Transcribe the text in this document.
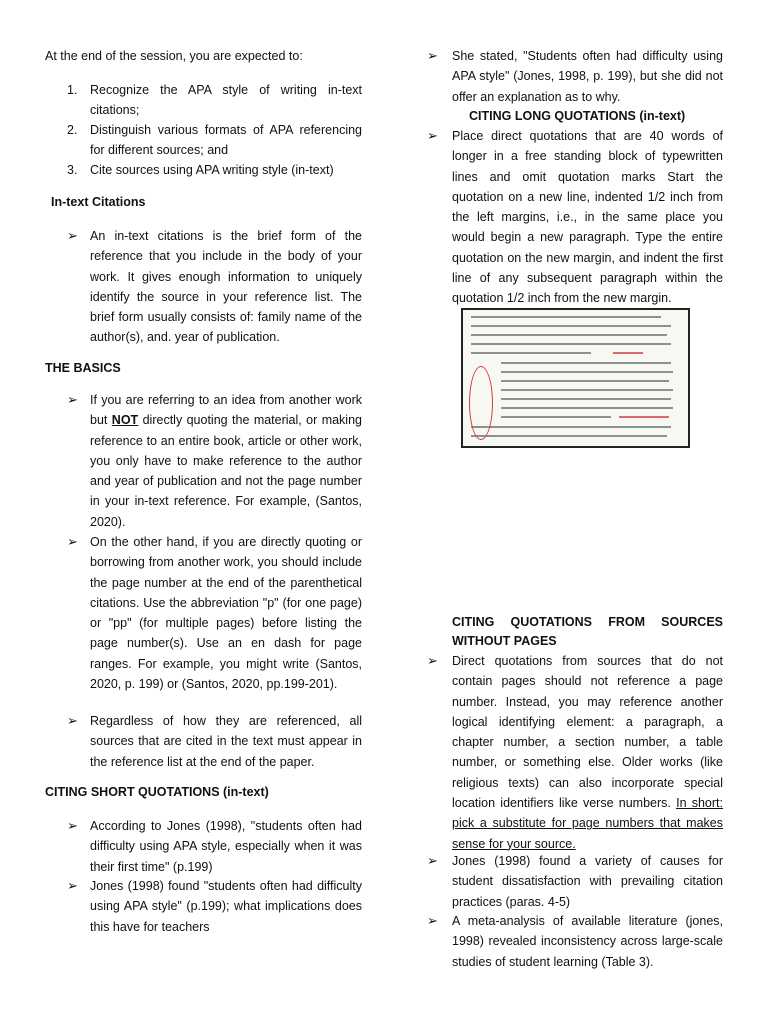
At the end of the session, you are expected to:
1.	Recognize the APA style of writing in-text
citations;
2.	Distinguish various formats of APA referencing
for different sources; and
3.	Cite sources using APA writing style (in-text)
In-text Citations
➢ An in-text citations is the brief form of the reference that you include in the body of your work. It gives enough information to uniquely identify the source in your reference list. The brief form usually consists of: family name of the author(s), and. year of publication.
THE BASICS
➢ If you are referring to an idea from another work but NOT directly quoting the material, or making reference to an entire book, article or other work, you only have to make reference to the author and year of publication and not the page number in your in-text reference. For example, (Santos, 2020).
➢ On the other hand, if you are directly quoting or borrowing from another work, you should include the page number at the end of the parenthetical citations. Use the abbreviation "p" (for one page) or "pp" (for multiple pages) before listing the page number(s). Use an en dash for page ranges. For example, you might write (Santos, 2020, p. 199) or (Santos, 2020, pp.199-201).
➢ Regardless of how they are referenced, all sources that are cited in the text must appear in the reference list at the end of the paper.
CITING SHORT QUOTATIONS (in-text)
➢ According to Jones (1998), "students often had difficulty using APA style, especially when it was their first time" (p.199)
➢ Jones (1998) found "students often had difficulty using APA style" (p.199); what implications does this have for teachers
➢ She stated, "Students often had difficulty using APA style" (Jones, 1998, p. 199), but she did not offer an explanation as to why.
CITING LONG QUOTATIONS (in-text)
➢ Place direct quotations that are 40 words of longer in a free standing block of typewritten lines and omit quotation marks Start the quotation on a new line, indented 1/2 inch from the left margins, i.e., in the same place you would begin a new paragraph. Type the entire quotation on the new margin, and indent the first line of any subsequent paragraph within the quotation 1/2 inch from the new margin.
CITING QUOTATIONS FROM SOURCES
WITHOUT PAGES
➢ Direct quotations from sources that do not contain pages should not reference a page number. Instead, you may reference another logical identifying element: a paragraph, a chapter number, a section number, a table number, or something else. Older works (like religious texts) can also incorporate special location identifiers like verse numbers. In short: pick a substitute for page numbers that makes sense for your source.
➢ Jones (1998) found a variety of causes for student dissatisfaction with prevailing citation practices (paras. 4-5)
➢ A meta-analysis of available literature (jones, 1998) revealed inconsistency across large-scale studies of student learning (Table 3).
